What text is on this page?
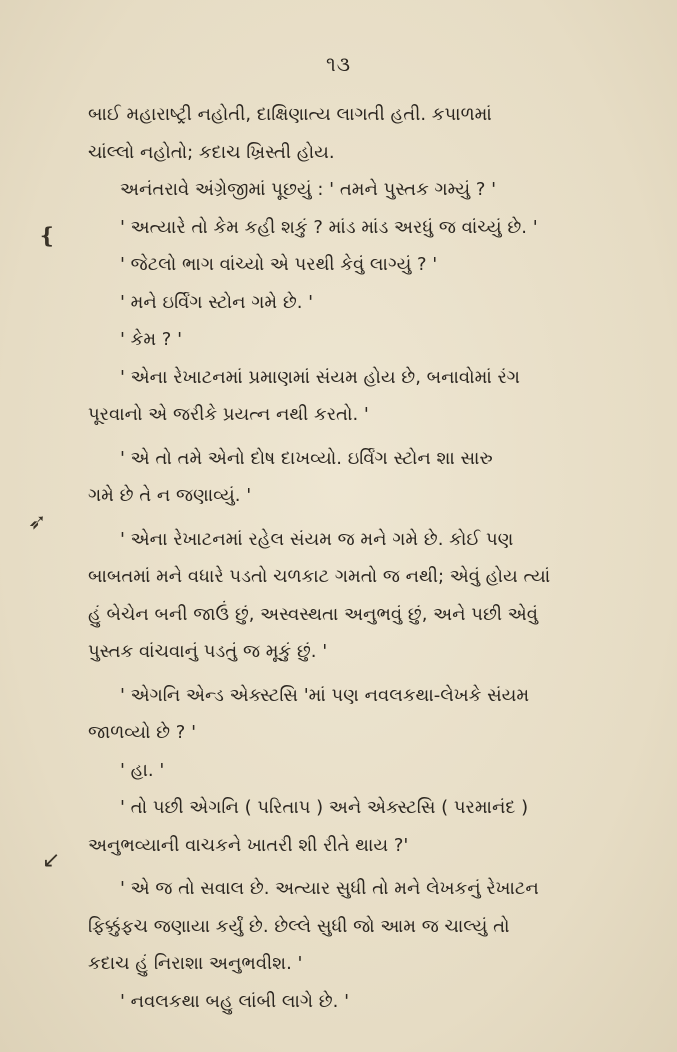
૧૩
❴
➶
↙
બાઈ મહારાષ્ટ્રી નહોતી, દાક્ષિણાત્ય લાગતી હતી. કપાળમાં
ચાંલ્લો નહોતો; કદાચ ખ્રિસ્તી હોય.
અનંતરાવે અંગ્રેજીમાં પૂછયું : ' તમને પુસ્તક ગમ્યું ? '
' અત્યારે તો કેમ કહી શકું ? માંડ માંડ અરધું જ વાંચ્યું છે. '
' જેટલો ભાગ વાંચ્યો એ પરથી કેવું લાગ્યું ? '
' મને ઇર્વિંગ સ્ટોન ગમે છે. '
' કેમ ? '
' એના રેખાટનમાં પ્રમાણમાં સંયમ હોય છે, બનાવોમાં રંગ
પૂરવાનો એ જરીકે પ્રયત્ન નથી કરતો. '
' એ તો તમે એનો દોષ દાખવ્યો. ઇર્વિંગ સ્ટોન શા સારુ
ગમે છે તે ન જણાવ્યું. '
' એના રેખાટનમાં રહેલ સંયમ જ મને ગમે છે. કોઈ પણ
બાબતમાં મને વધારે પડતો ચળકાટ ગમતો જ નથી; એવું હોય ત્યાં
હું બેચેન બની જાઉં છું, અસ્વસ્થતા અનુભવું છું, અને પછી એવું
પુસ્તક વાંચવાનું પડતું જ મૂકું છું. '
' એગનિ એન્ડ એક્સ્ટસિ 'માં પણ નવલકથા-લેખકે સંયમ
જાળવ્યો છે ? '
' હા. '
' તો પછી એગનિ ( પરિતાપ ) અને એક્સ્ટસિ ( પરમાનંદ )
અનુભવ્યાની વાચકને ખાતરી શી રીતે થાય ?'
' એ જ તો સવાલ છે. અત્યાર સુધી તો મને લેખકનું રેખાટન
ફિક્કુંફચ જણાયા કર્યું છે. છેલ્લે સુધી જો આમ જ ચાલ્યું તો
કદાચ હું નિરાશા અનુભવીશ. '
' નવલકથા બહુ લાંબી લાગે છે. '
